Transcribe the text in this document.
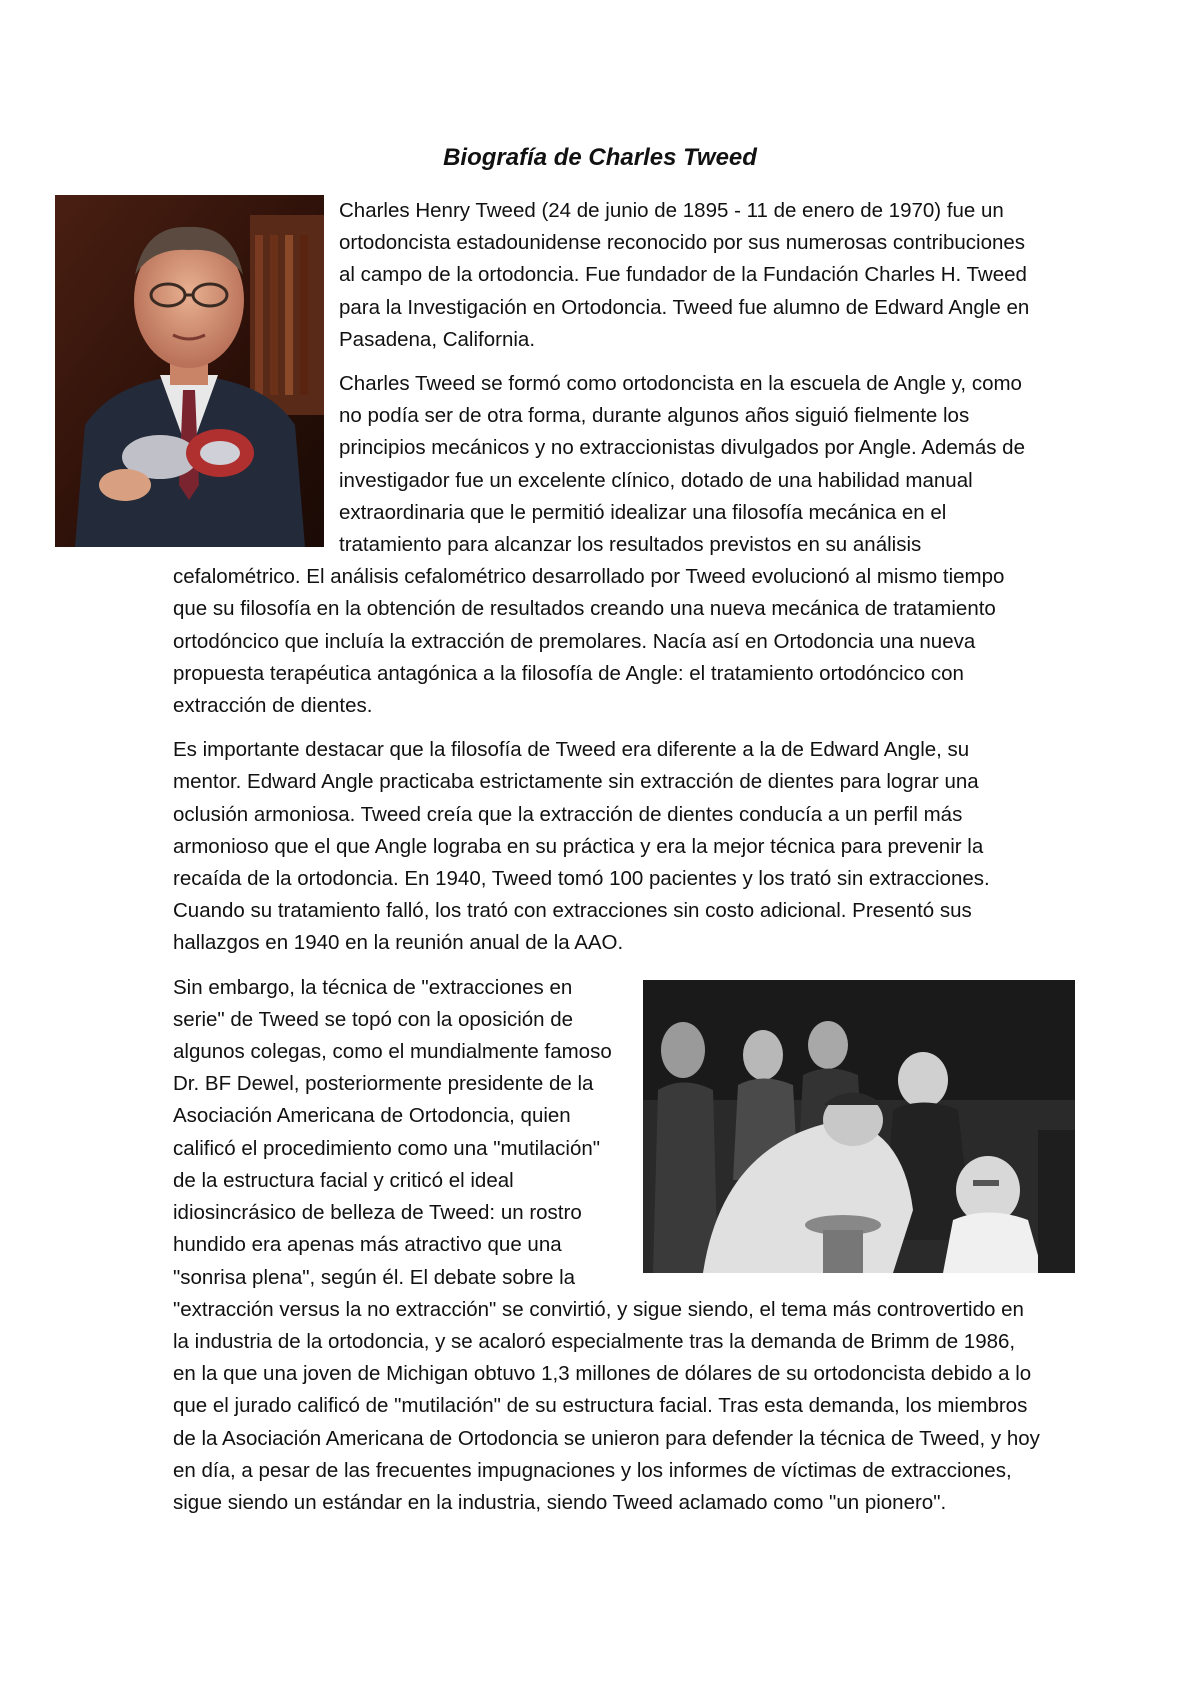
Biografía de Charles Tweed

Charles Henry Tweed (24 de junio de 1895 - 11 de enero de 1970) fue un ortodoncista estadounidense reconocido por sus numerosas contribuciones al campo de la ortodoncia. Fue fundador de la Fundación Charles H. Tweed para la Investigación en Ortodoncia. Tweed fue alumno de Edward Angle en Pasadena, California.

Charles Tweed se formó como ortodoncista en la escuela de Angle y, como no podía ser de otra forma, durante algunos años siguió fielmente los principios mecánicos y no extraccionistas divulgados por Angle. Además de investigador fue un excelente clínico, dotado de una habilidad manual extraordinaria que le permitió idealizar una filosofía mecánica en el tratamiento para alcanzar los resultados previstos en su análisis cefalométrico. El análisis cefalométrico desarrollado por Tweed evolucionó al mismo tiempo que su filosofía en la obtención de resultados creando una nueva mecánica de tratamiento ortodóncico que incluía la extracción de premolares. Nacía así en Ortodoncia una nueva propuesta terapéutica antagónica a la filosofía de Angle: el tratamiento ortodóncico con extracción de dientes.

Es importante destacar que la filosofía de Tweed era diferente a la de Edward Angle, su mentor. Edward Angle practicaba estrictamente sin extracción de dientes para lograr una oclusión armoniosa. Tweed creía que la extracción de dientes conducía a un perfil más armonioso que el que Angle lograba en su práctica y era la mejor técnica para prevenir la recaída de la ortodoncia. En 1940, Tweed tomó 100 pacientes y los trató sin extracciones. Cuando su tratamiento falló, los trató con extracciones sin costo adicional. Presentó sus hallazgos en 1940 en la reunión anual de la AAO.

Sin embargo, la técnica de "extracciones en serie" de Tweed se topó con la oposición de algunos colegas, como el mundialmente famoso Dr. BF Dewel, posteriormente presidente de la Asociación Americana de Ortodoncia, quien calificó el procedimiento como una "mutilación" de la estructura facial y criticó el ideal idiosincrásico de belleza de Tweed: un rostro hundido era apenas más atractivo que una "sonrisa plena", según él. El debate sobre la "extracción versus la no extracción" se convirtió, y sigue siendo, el tema más controvertido en la industria de la ortodoncia, y se acaloró especialmente tras la demanda de Brimm de 1986, en la que una joven de Michigan obtuvo 1,3 millones de dólares de su ortodoncista debido a lo que el jurado calificó de "mutilación" de su estructura facial. Tras esta demanda, los miembros de la Asociación Americana de Ortodoncia se unieron para defender la técnica de Tweed, y hoy en día, a pesar de las frecuentes impugnaciones y los informes de víctimas de extracciones, sigue siendo un estándar en la industria, siendo Tweed aclamado como "un pionero".
